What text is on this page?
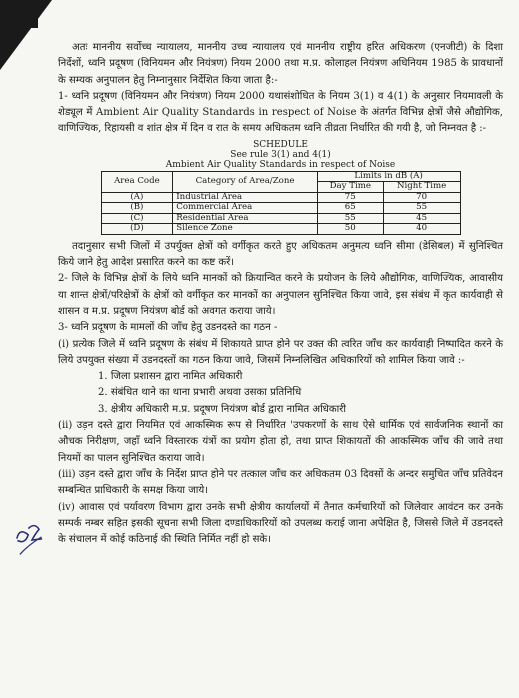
अतः माननीय सर्वोच्च न्यायालय, माननीय उच्च न्यायालय एवं माननीय राष्ट्रीय हरित अधिकरण (एनजीटी) के दिशा निर्देशों, ध्वनि प्रदूषण (विनियमन और नियंत्रण) नियम 2000 तथा म.प्र. कोलाहल नियंत्रण अधिनियम 1985 के प्रावधानों के सम्यक अनुपालन हेतु निम्नानुसार निर्देशित किया जाता है:-

1- ध्वनि प्रदूषण (विनियमन और नियंत्रण) नियम 2000 यथासंशोधित के नियम 3(1) व 4(1) के अनुसार नियमावली के शेड्यूल में Ambient Air Quality Standards in respect of Noise के अंतर्गत विभिन्न क्षेत्रों जैसे औद्योगिक, वाणिज्यिक, रिहायसी व शांत क्षेत्र में दिन व रात के समय अधिकतम ध्वनि तीव्रता निर्धारित की गयी है, जो निम्नवत है :-

SCHEDULE
See rule 3(1) and 4(1)
Ambient Air Quality Standards in respect of Noise
Area Code	Category of Area/Zone	Limits in dB (A)	
		Day Time	Night Time
(A)	Industrial Area	75	70
(B)	Commercial Area	65	55
(C)	Residential Area	55	45
(D)	Silence Zone	50	40

तदानुसार सभी जिलों में उपर्युक्त क्षेत्रों को वर्गीकृत करते हुए अधिकतम अनुमत्य ध्वनि सीमा (डेसिबल) में सुनिश्चित किये जाने हेतु आदेश प्रसारित करने का कष्ट करें।

2- जिले के विभिन्न क्षेत्रों के लिये ध्वनि मानकों को क्रियान्वित करने के प्रयोजन के लिये औद्योगिक, वाणिज्यिक, आवासीय या शान्त क्षेत्रों/परिक्षेत्रों के क्षेत्रों को वर्गीकृत कर मानकों का अनुपालन सुनिश्चित किया जावे, इस संबंध में कृत कार्यवाही से शासन व म.प्र. प्रदूषण नियंत्रण बोर्ड को अवगत कराया जाये।

3- ध्वनि प्रदूषण के मामलों की जाँच हेतु उडनदस्ते का गठन -

(i) प्रत्येक जिले में ध्वनि प्रदूषण के संबंध में शिकायते प्राप्त होने पर उक्त की त्वरित जाँच कर कार्यवाही निष्पादित करने के लिये उपयुक्त संख्या में उडनदस्तों का गठन किया जावे, जिसमें निम्नलिखित अधिकारियों को शामिल किया जावे :-

1. जिला प्रशासन द्वारा नामित अधिकारी
2. संबंधित थाने का थाना प्रभारी अथवा उसका प्रतिनिधि
3. क्षेत्रीय अधिकारी म.प्र. प्रदूषण नियंत्रण बोर्ड द्वारा नामित अधिकारी

(ii) उड़न दस्ते द्वारा नियमित एवं आकस्मिक रूप से निर्धारित 'उपकरणों के साथ ऐसे धार्मिक एवं सार्वजनिक स्थानों का औचक निरीक्षण, जहाँ ध्वनि विस्तारक यंत्रों का प्रयोग होता हो, तथा प्राप्त शिकायतों की आकस्मिक जाँच की जावे तथा नियमों का पालन सुनिश्चित कराया जावे।

(iii) उड़न दस्ते द्वारा जाँच के निर्देश प्राप्त होने पर तत्काल जाँच कर अधिकतम 03 दिवसों के अन्दर समुचित जाँच प्रतिवेदन सम्बन्धित प्राधिकारी के समक्ष किया जाये।

(iv) आवास एवं पर्यावरण विभाग द्वारा उनके सभी क्षेत्रीय कार्यालयों में तैनात कर्मचारियों को जिलेवार आवंटन कर उनके सम्पर्क नम्बर सहित इसकी सूचना सभी जिला दण्डाधिकारियों को उपलब्ध कराई जाना अपेक्षित है, जिससे जिले में उडनदस्ते के संचालन में कोई कठिनाई की स्थिति निर्मित नहीं हो सके।
